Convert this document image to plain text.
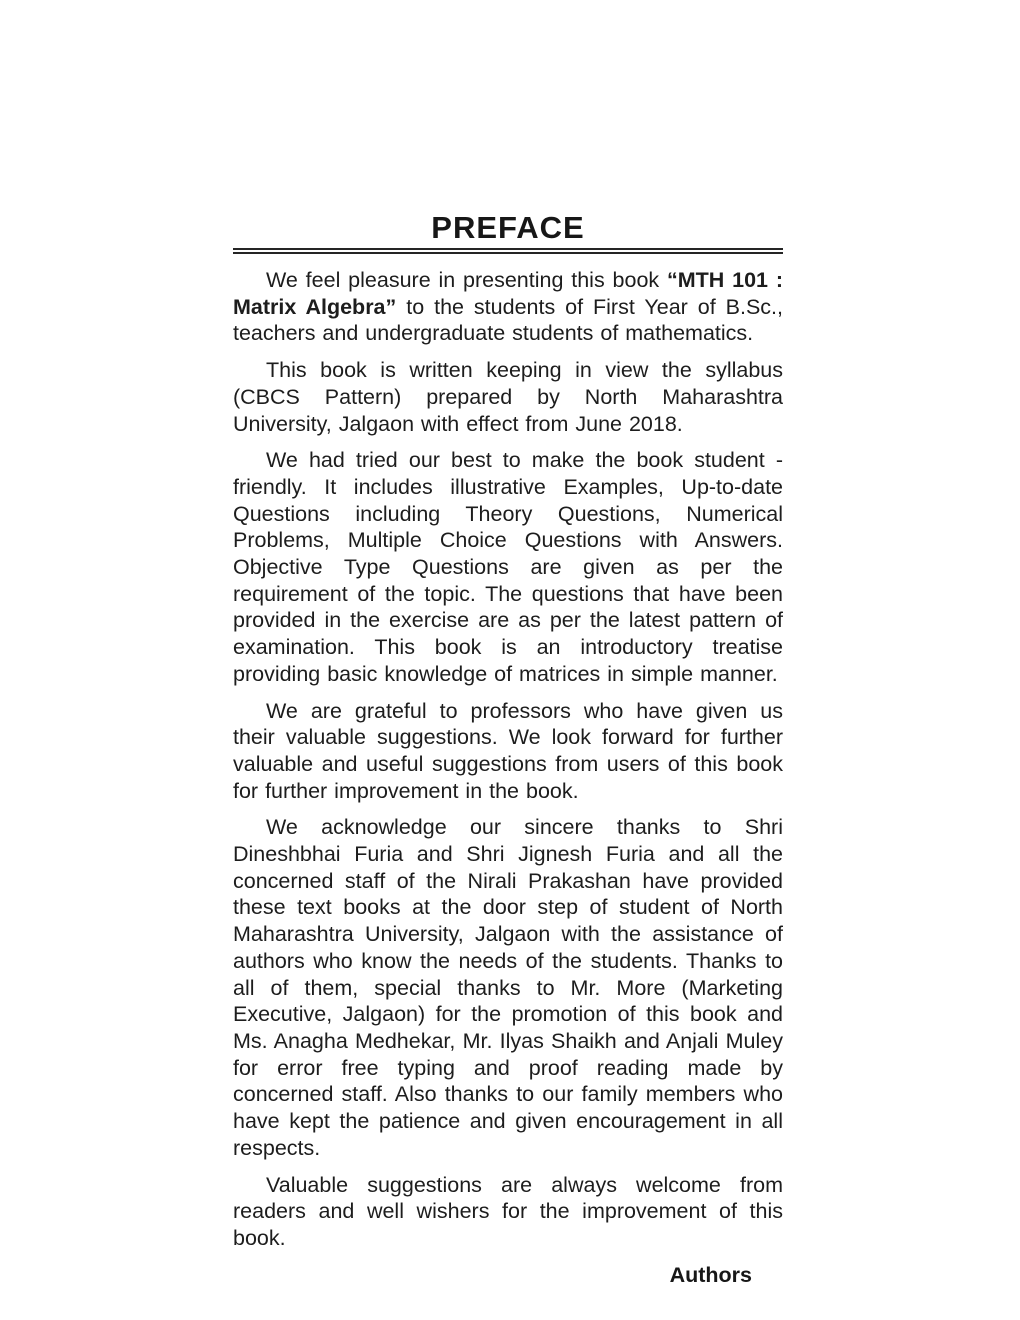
PREFACE

We feel pleasure in presenting this book “MTH 101 : Matrix Algebra” to the students of First Year of B.Sc., teachers and undergraduate students of mathematics.

This book is written keeping in view the syllabus (CBCS Pattern) prepared by North Maharashtra University, Jalgaon with effect from June 2018.

We had tried our best to make the book student - friendly. It includes illustrative Examples, Up-to-date Questions including Theory Questions, Numerical Problems, Multiple Choice Questions with Answers. Objective Type Questions are given as per the requirement of the topic. The questions that have been provided in the exercise are as per the latest pattern of examination. This book is an introductory treatise providing basic knowledge of matrices in simple manner.

We are grateful to professors who have given us their valuable suggestions. We look forward for further valuable and useful suggestions from users of this book for further improvement in the book.

We acknowledge our sincere thanks to Shri Dineshbhai Furia and Shri Jignesh Furia and all the concerned staff of the Nirali Prakashan have provided these text books at the door step of student of North Maharashtra University, Jalgaon with the assistance of authors who know the needs of the students. Thanks to all of them, special thanks to Mr. More (Marketing Executive, Jalgaon) for the promotion of this book and Ms. Anagha Medhekar, Mr. Ilyas Shaikh and Anjali Muley for error free typing and proof reading made by concerned staff. Also thanks to our family members who have kept the patience and given encouragement in all respects.

Valuable suggestions are always welcome from readers and well wishers for the improvement of this book.

Authors
